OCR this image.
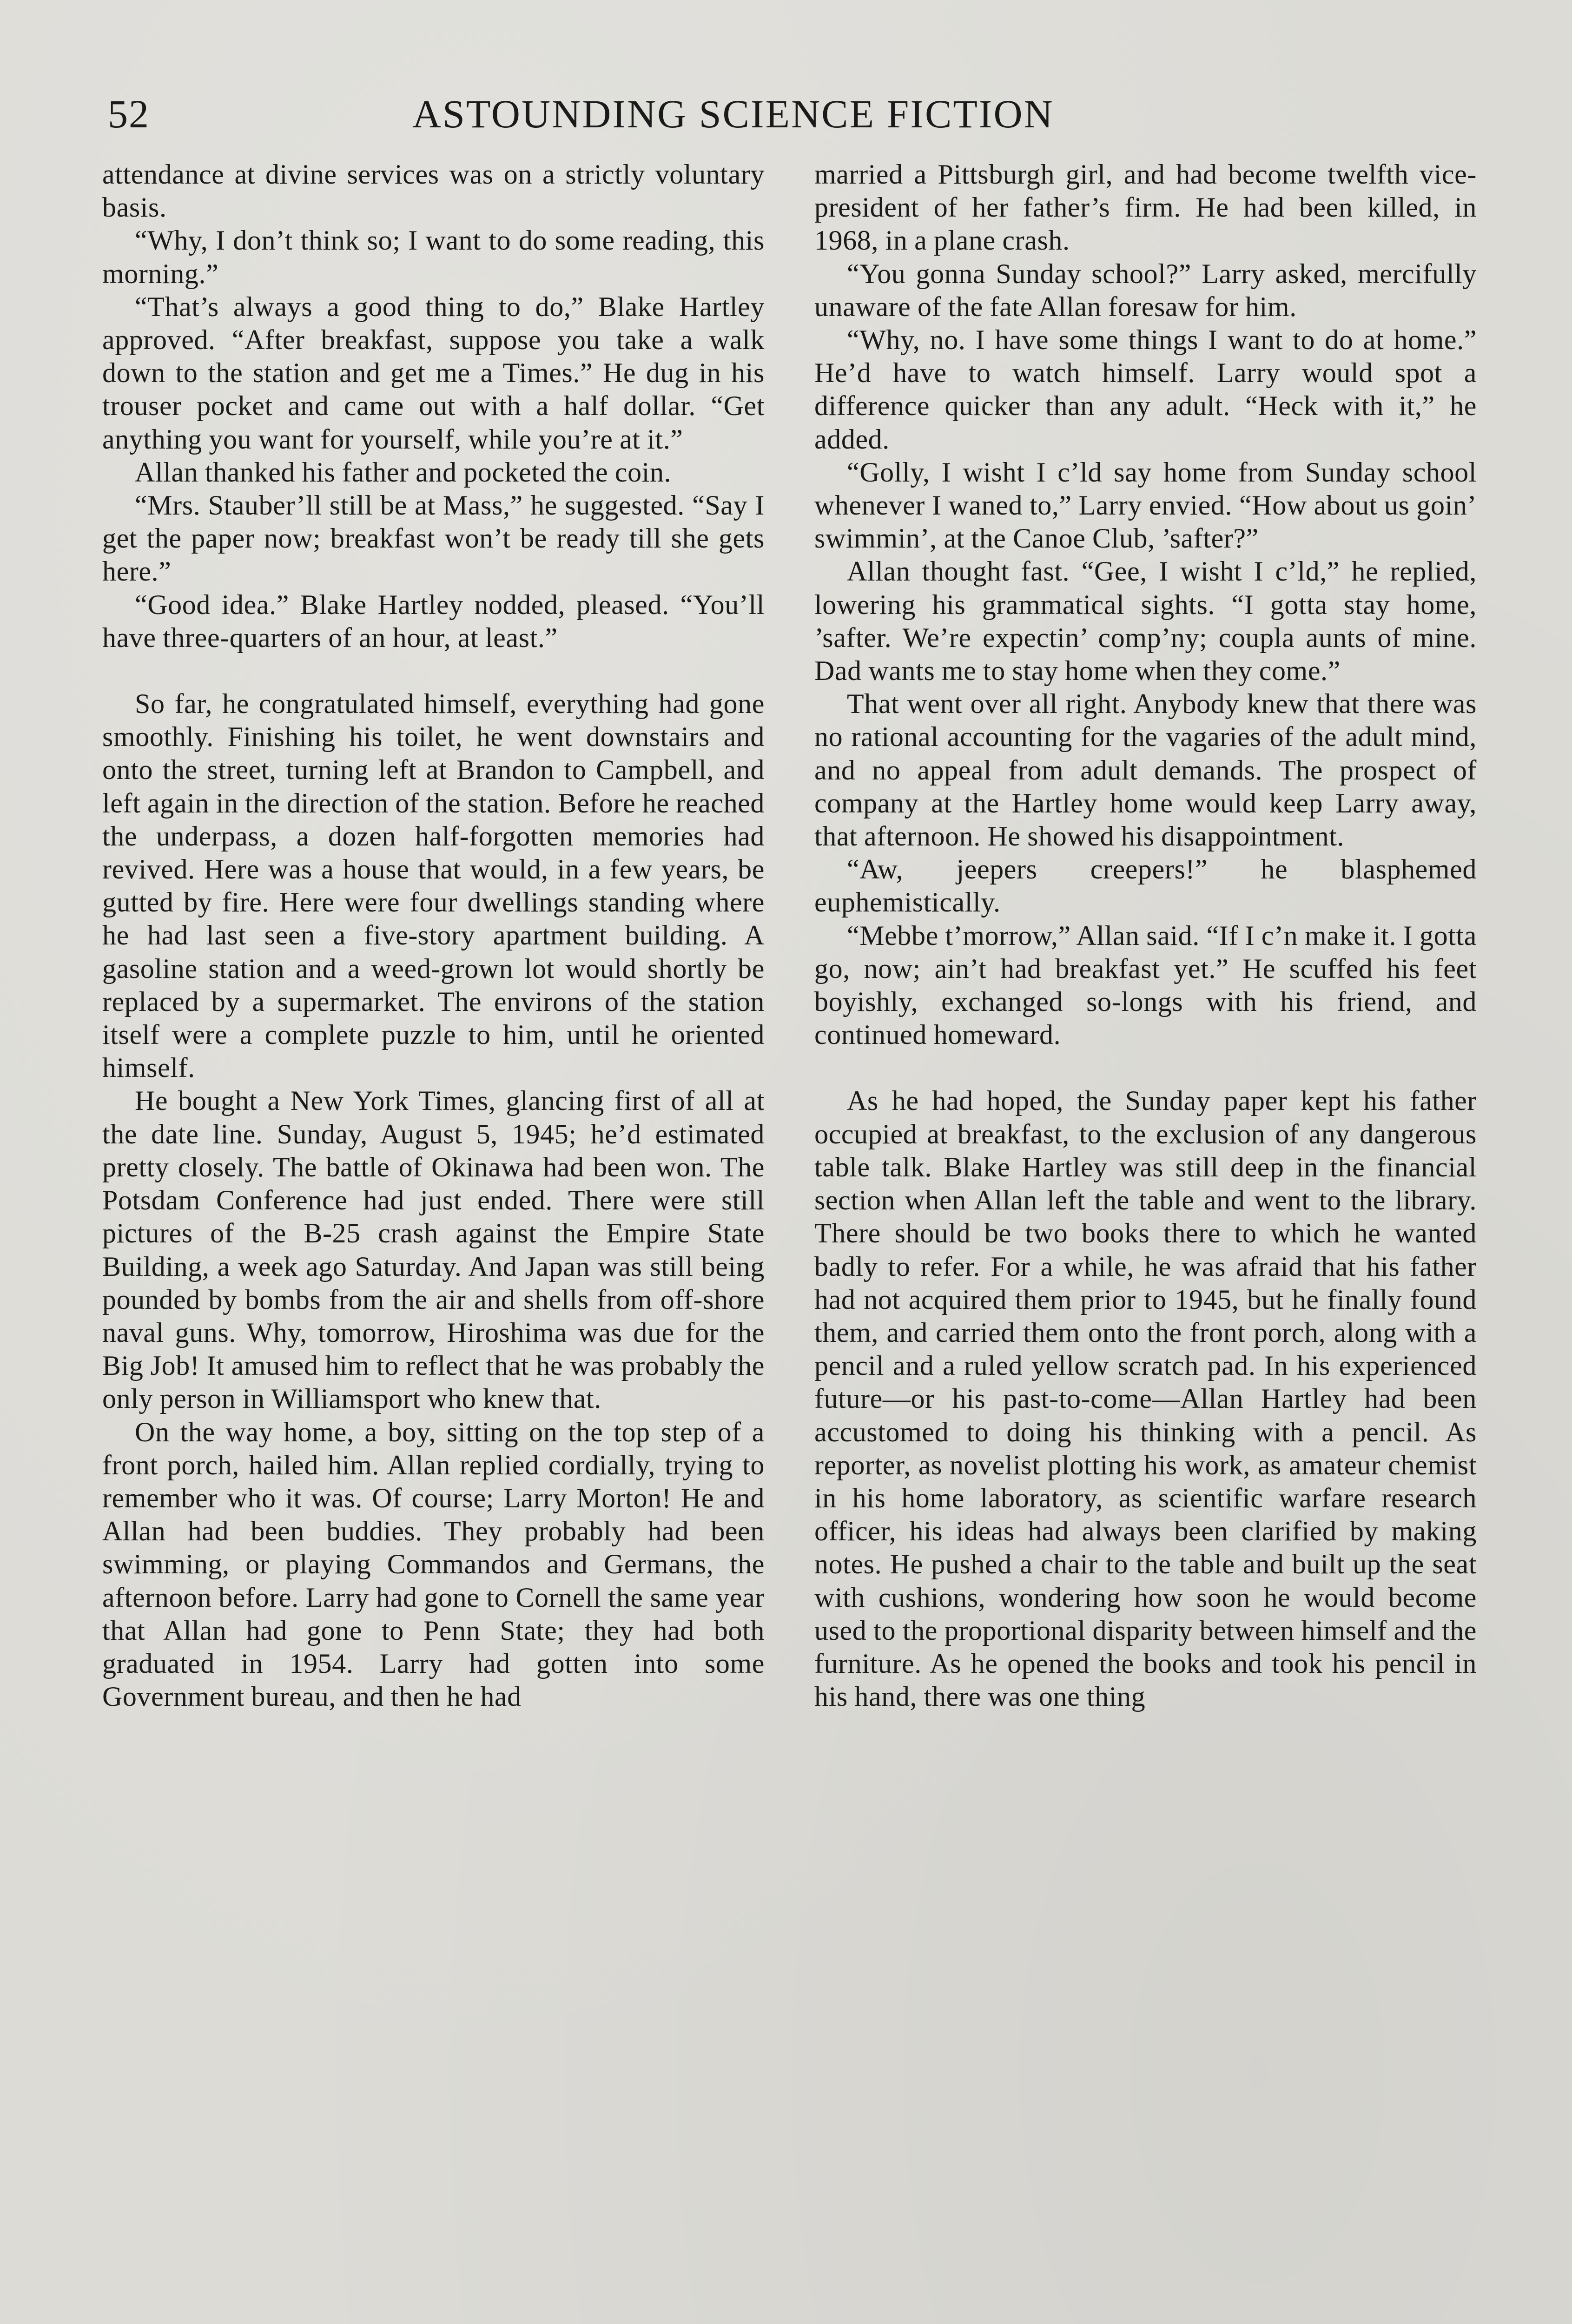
52	ASTOUNDING SCIENCE FICTION

attendance at divine services was on a strictly voluntary basis.

“Why, I don’t think so; I want to do some reading, this morning.”

“That’s always a good thing to do,” Blake Hartley approved. “After breakfast, suppose you take a walk down to the station and get me a Times.” He dug in his trouser pocket and came out with a half dollar. “Get anything you want for yourself, while you’re at it.”

Allan thanked his father and pocketed the coin.

“Mrs. Stauber’ll still be at Mass,” he suggested. “Say I get the paper now; breakfast won’t be ready till she gets here.”

“Good idea.” Blake Hartley nodded, pleased. “You’ll have three-quarters of an hour, at least.”

So far, he congratulated himself, everything had gone smoothly. Finishing his toilet, he went downstairs and onto the street, turning left at Brandon to Campbell, and left again in the direction of the station. Before he reached the underpass, a dozen half-forgotten memories had revived. Here was a house that would, in a few years, be gutted by fire. Here were four dwellings standing where he had last seen a five-story apartment building. A gasoline station and a weed-grown lot would shortly be replaced by a supermarket. The environs of the station itself were a complete puzzle to him, until he oriented himself.

He bought a New York Times, glancing first of all at the date line. Sunday, August 5, 1945; he’d estimated pretty closely. The battle of Okinawa had been won. The Potsdam Conference had just ended. There were still pictures of the B-25 crash against the Empire State Building, a week ago Saturday. And Japan was still being pounded by bombs from the air and shells from off-shore naval guns. Why, tomorrow, Hiroshima was due for the Big Job! It amused him to reflect that he was probably the only person in Williamsport who knew that.

On the way home, a boy, sitting on the top step of a front porch, hailed him. Allan replied cordially, trying to remember who it was. Of course; Larry Morton! He and Allan had been buddies. They probably had been swimming, or playing Commandos and Germans, the afternoon before. Larry had gone to Cornell the same year that Allan had gone to Penn State; they had both graduated in 1954. Larry had gotten into some Government bureau, and then he had

married a Pittsburgh girl, and had become twelfth vice-president of her father’s firm. He had been killed, in 1968, in a plane crash.

“You gonna Sunday school?” Larry asked, mercifully unaware of the fate Allan foresaw for him.

“Why, no. I have some things I want to do at home.” He’d have to watch himself. Larry would spot a difference quicker than any adult. “Heck with it,” he added.

“Golly, I wisht I c’ld say home from Sunday school whenever I waned to,” Larry envied. “How about us goin’ swimmin’, at the Canoe Club, ’safter?”

Allan thought fast. “Gee, I wisht I c’ld,” he replied, lowering his grammatical sights. “I gotta stay home, ’safter. We’re expectin’ comp’ny; coupla aunts of mine. Dad wants me to stay home when they come.”

That went over all right. Anybody knew that there was no rational accounting for the vagaries of the adult mind, and no appeal from adult demands. The prospect of company at the Hartley home would keep Larry away, that afternoon. He showed his disappointment.

“Aw, jeepers creepers!” he blasphemed euphemistically.

“Mebbe t’morrow,” Allan said. “If I c’n make it. I gotta go, now; ain’t had breakfast yet.” He scuffed his feet boyishly, exchanged so-longs with his friend, and continued homeward.

As he had hoped, the Sunday paper kept his father occupied at breakfast, to the exclusion of any dangerous table talk. Blake Hartley was still deep in the financial section when Allan left the table and went to the library. There should be two books there to which he wanted badly to refer. For a while, he was afraid that his father had not acquired them prior to 1945, but he finally found them, and carried them onto the front porch, along with a pencil and a ruled yellow scratch pad. In his experienced future—or his past-to-come—Allan Hartley had been accustomed to doing his thinking with a pencil. As reporter, as novelist plotting his work, as amateur chemist in his home laboratory, as scientific warfare research officer, his ideas had always been clarified by making notes. He pushed a chair to the table and built up the seat with cushions, wondering how soon he would become used to the proportional disparity between himself and the furniture. As he opened the books and took his pencil in his hand, there was one thing
